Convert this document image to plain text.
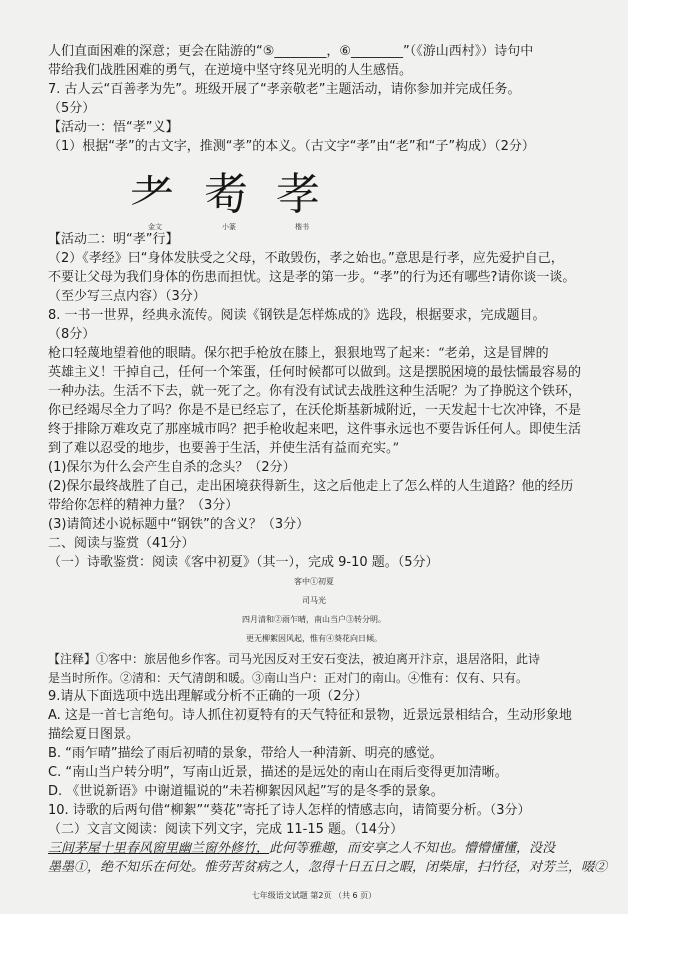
人们直面困难的深意；更会在陆游的“⑤________，⑥________”（《游山西村》）诗句中
带给我们战胜困难的勇气，在逆境中坚守终见光明的人生感悟。
7. 古人云“百善孝为先”。班级开展了“孝亲敬老”主题活动，请你参加并完成任务。
（5分）
【活动一：悟“孝”义】
（1）根据“孝”的古文字，推测“孝”的本义。（古文字“孝”由“老”和“子”构成）（2分）
耂 耇 孝
金文	小篆	楷书
【活动二：明“孝”行】
（2）《孝经》曰“身体发肤受之父母，不敢毁伤，孝之始也。”意思是行孝，应先爱护自己，
不要让父母为我们身体的伤患而担忧。这是孝的第一步。“孝”的行为还有哪些?请你谈一谈。
（至少写三点内容）（3分）
8. 一书一世界，经典永流传。阅读《钢铁是怎样炼成的》选段，根据要求，完成题目。
（8分）
枪口轻蔑地望着他的眼睛。保尔把手枪放在膝上，狠狠地骂了起来：“老弟，这是冒牌的
英雄主义！干掉自己，任何一个笨蛋，任何时候都可以做到。这是摆脱困境的最怯懦最容易的
一种办法。生活不下去，就一死了之。你有没有试试去战胜这种生活呢？为了挣脱这个铁环，
你已经竭尽全力了吗？你是不是已经忘了，在沃伦斯基新城附近，一天发起十七次冲锋，不是
终于排除万难攻克了那座城市吗？把手枪收起来吧，这件事永远也不要告诉任何人。即使生活
到了难以忍受的地步，也要善于生活，并使生活有益而充实。”
(1)保尔为什么会产生自杀的念头？（2分）
(2)保尔最终战胜了自己，走出困境获得新生，这之后他走上了怎么样的人生道路？他的经历
带给你怎样的精神力量？（3分）
(3)请简述小说标题中“钢铁”的含义？（3分）
二、阅读与鉴赏（41分）
（一）诗歌鉴赏：阅读《客中初夏》（其一），完成 9-10 题。（5分）
客中①初夏
司马光
四月清和②雨乍晴，南山当户③转分明。
更无柳絮因风起，惟有④葵花向日倾。
【注释】①客中：旅居他乡作客。司马光因反对王安石变法，被迫离开汴京，退居洛阳，此诗
是当时所作。②清和：天气清朗和暖。③南山当户：正对门的南山。④惟有：仅有、只有。
9.请从下面选项中选出理解或分析不正确的一项（2分）
A. 这是一首七言绝句。诗人抓住初夏特有的天气特征和景物，近景远景相结合，生动形象地
描绘夏日图景。
B. “雨乍晴”描绘了雨后初晴的景象，带给人一种清新、明亮的感觉。
C. “南山当户转分明”，写南山近景，描述的是远处的南山在雨后变得更加清晰。
D. 《世说新语》中谢道韫说的“未若柳絮因风起”写的是冬季的景象。
10. 诗歌的后两句借“柳絮”“葵花”寄托了诗人怎样的情感志向，请简要分析。（3分）
（二）文言文阅读：阅读下列文字，完成 11-15 题。（14分）
三间茅屋十里春风窗里幽兰窗外修竹，此何等雅趣，而安享之人不知也。懵懵懂懂，没没
墨墨①，绝不知乐在何处。惟劳苦贫病之人，忽得十日五日之暇，闭柴扉，扫竹径，对芳兰，啜②
七年级语文试题 第2页 （共 6 页）
